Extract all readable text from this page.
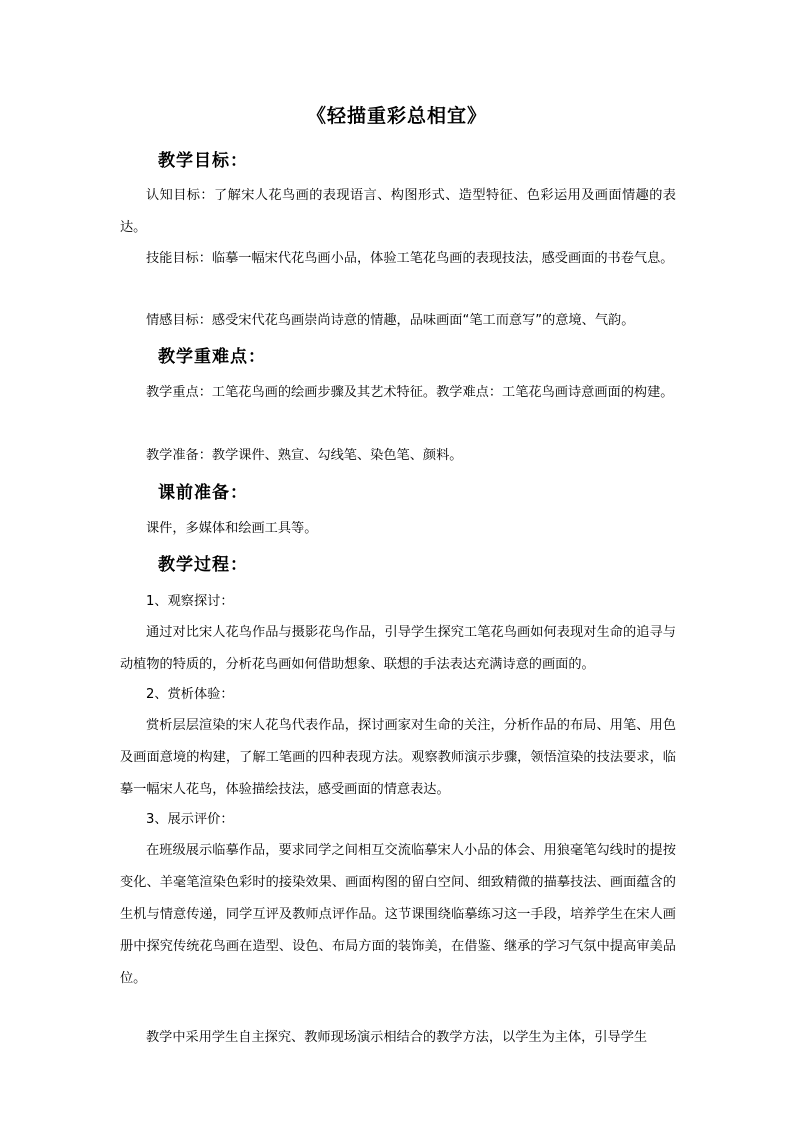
《轻描重彩总相宜》
教学目标：

认知目标：了解宋人花鸟画的表现语言、构图形式、造型特征、色彩运用及画面情趣的表达。

技能目标：临摹一幅宋代花鸟画小品，体验工笔花鸟画的表现技法，感受画面的书卷气息。

情感目标：感受宋代花鸟画崇尚诗意的情趣，品味画面“笔工而意写”的意境、气韵。

教学重难点：

教学重点：工笔花鸟画的绘画步骤及其艺术特征。教学难点：工笔花鸟画诗意画面的构建。

教学准备：教学课件、熟宣、勾线笔、染色笔、颜料。

课前准备：

课件，多媒体和绘画工具等。

教学过程：

1、观察探讨：

通过对比宋人花鸟作品与摄影花鸟作品，引导学生探究工笔花鸟画如何表现对生命的追寻与动植物的特质的，分析花鸟画如何借助想象、联想的手法表达充满诗意的画面的。

2、赏析体验：

赏析层层渲染的宋人花鸟代表作品，探讨画家对生命的关注，分析作品的布局、用笔、用色及画面意境的构建，了解工笔画的四种表现方法。观察教师演示步骤，领悟渲染的技法要求，临摹一幅宋人花鸟，体验描绘技法，感受画面的情意表达。

3、展示评价：

在班级展示临摹作品，要求同学之间相互交流临摹宋人小品的体会、用狼毫笔勾线时的提按变化、羊毫笔渲染色彩时的接染效果、画面构图的留白空间、细致精微的描摹技法、画面蕴含的生机与情意传递，同学互评及教师点评作品。这节课围绕临摹练习这一手段，培养学生在宋人画册中探究传统花鸟画在造型、设色、布局方面的装饰美，在借鉴、继承的学习气氛中提高审美品位。

教学中采用学生自主探究、教师现场演示相结合的教学方法，以学生为主体，引导学生
